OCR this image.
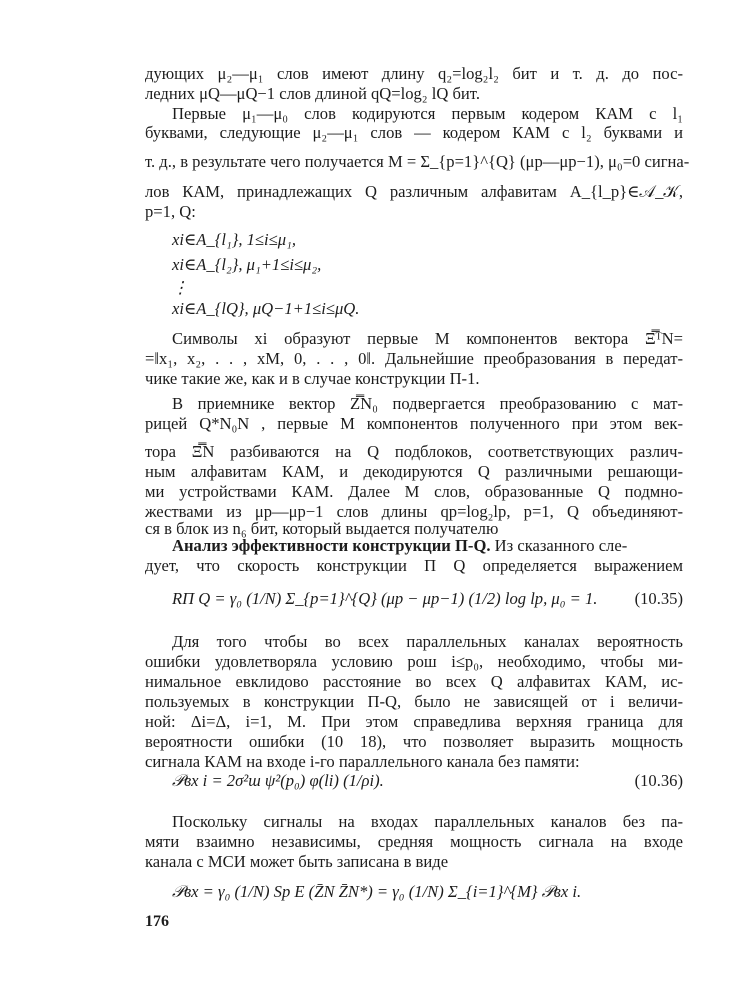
дующих μ₂—μ₁ слов имеют длину q₂=log₂l₂ бит и т. д. до пос-
ледних μQ—μQ−1 слов длиной qQ=log₂ lQ бит.
Первые μ₁—μ₀ слов кодируются первым кодером КАМ с l₁
буквами, следующие μ₂—μ₁ слов — кодером КАМ с l₂ буквами и
т. д., в результате чего получается M = Σ_{p=1}^{Q} (μp—μp−1), μ₀=0 сигна-
лов КАМ, принадлежащих Q различным алфавитам A_{l_p}∈𝒜_𝒦,
p=1, Q:
xi∈A_{l₁}, 1≤i≤μ₁,
xi∈A_{l₂}, μ₁+1≤i≤μ₂,
⋮
xi∈A_{lQ}, μQ−1+1≤i≤μQ.
Символы xi образуют первые M компонентов вектора Ξ̿ᵀN=
=‖x₁, x₂, . . , xM, 0, . . , 0‖. Дальнейшие преобразования в передат-
чике такие же, как и в случае конструкции П-1.
В приемнике вектор Z̿N₀ подвергается преобразованию с мат-
рицей Q*N₀N , первые M компонентов полученного при этом век-
тора Ξ̿N разбиваются на Q подблоков, соответствующих различ-
ным алфавитам КАМ, и декодируются Q различными решающи-
ми устройствами КАМ. Далее M слов, образованные Q подмно-
жествами из μp—μp−1 слов длины qp=log₂lp, p=1, Q объединяют-
ся в блок из n₆ бит, который выдается получателю
Анализ эффективности конструкции П-Q. Из сказанного сле-
дует, что скорость конструкции П Q определяется выражением
RП Q = γ₀ (1/N) Σ_{p=1}^{Q} (μp − μp−1) (1/2) log lp, μ₀ = 1. (10.35)
Для того чтобы во всех параллельных каналах вероятность
ошибки удовлетворяла условию pош i≤p₀, необходимо, чтобы ми-
нимальное евклидово расстояние во всех Q алфавитах КАМ, ис-
пользуемых в конструкции П-Q, было не зависящей от i величи-
ной: Δi=Δ, i=1, M. При этом справедлива верхняя граница для
вероятности ошибки (10 18), что позволяет выразить мощность
сигнала КАМ на входе i-го параллельного канала без памяти:
𝒫вх i = 2σ²ш ψ²(p₀) φ(li) (1/ρi).	(10.36)
Поскольку сигналы на входах параллельных каналов без па-
мяти взаимно независимы, средняя мощность сигнала на входе
канала с МСИ может быть записана в виде
𝒫вх = γ₀ (1/N) Sp E (Z̄N Z̄N*) = γ₀ (1/N) Σ_{i=1}^{M} 𝒫вх i.
176
